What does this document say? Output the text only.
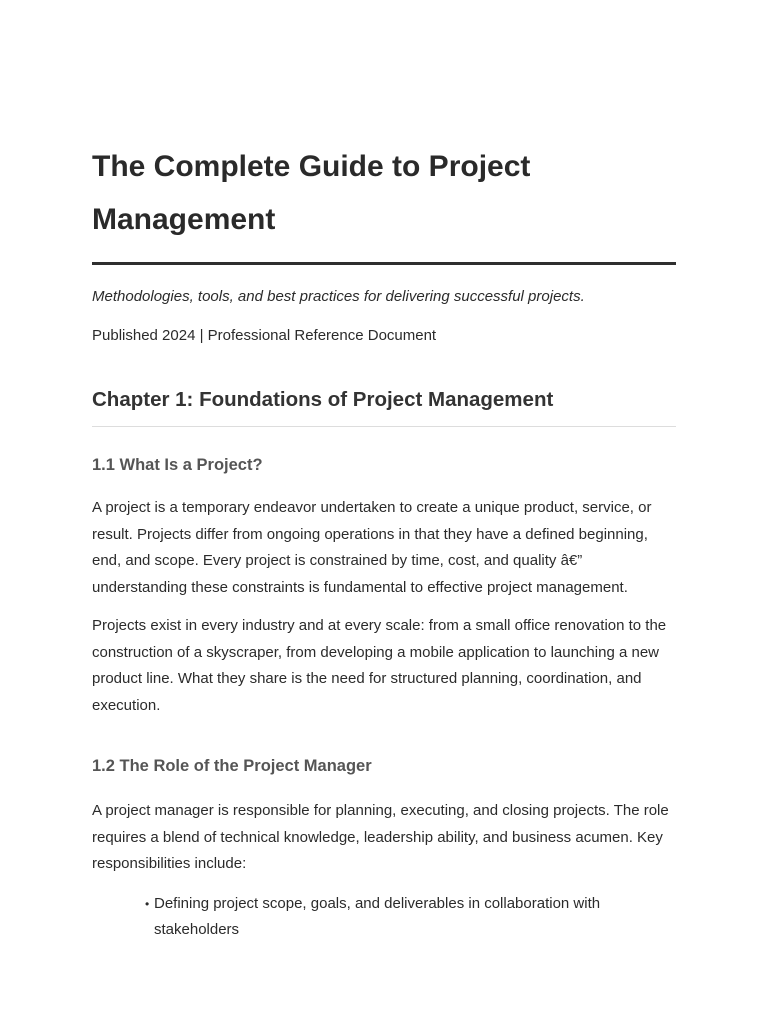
The Complete Guide to Project Management

Methodologies, tools, and best practices for delivering successful projects.

Published 2024 | Professional Reference Document

Chapter 1: Foundations of Project Management
1.1 What Is a Project?

A project is a temporary endeavor undertaken to create a unique product, service, or result. Projects differ from ongoing operations in that they have a defined beginning, end, and scope. Every project is constrained by time, cost, and quality â€” understanding these constraints is fundamental to effective project management.

Projects exist in every industry and at every scale: from a small office renovation to the construction of a skyscraper, from developing a mobile application to launching a new product line. What they share is the need for structured planning, coordination, and execution.

1.2 The Role of the Project Manager

A project manager is responsible for planning, executing, and closing projects. The role requires a blend of technical knowledge, leadership ability, and business acumen. Key responsibilities include:

• Defining project scope, goals, and deliverables in collaboration with stakeholders
